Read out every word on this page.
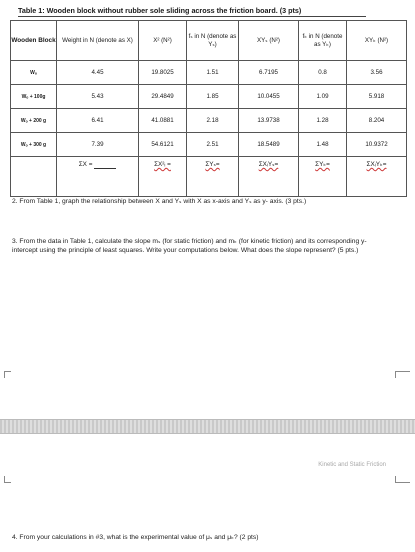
Table 1: Wooden block without rubber sole sliding across the friction board. (3 pts)
Wooden Block	Weight in N (denote as X)	X² (N²)	fₛ in N (denote as Yₛ)	XYₛ (N²)	fₖ in N (denote as Yₖ)	XYₖ (N²)
Wₒ	4.45	19.8025	1.51	6.7195	0.8	3.56
Wₒ + 100g	5.43	29.4849	1.85	10.0455	1.09	5.918
Wₒ + 200 g	6.41	41.0881	2.18	13.9738	1.28	8.204
Wₒ + 300 g	7.39	54.6121	2.51	18.5489	1.48	10.9372
	ΣX =	ΣX²ᵢ =	ΣYₛ=	ΣXᵢYₛ=	ΣYₖ=	ΣXᵢYₖ=
2. From Table 1, graph the relationship between X and Yₛ with X as x-axis and Yₛ as y- axis. (3 pts.)
3. From the data in Table 1, calculate the slope mₛ (for static friction) and mₖ (for kinetic friction) and its corresponding y-intercept using the principle of least squares. Write your computations below. What does the slope represent? (5 pts.)
Kinetic and Static Friction
4. From your calculations in #3, what is the experimental value of μₛ and μₖ? (2 pts)
